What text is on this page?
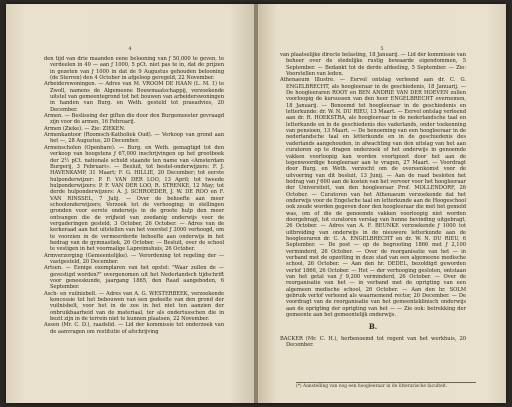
4

den tijd van drie maanden eene belooning van ƒ 50,000 te geven, te verdeelen in 40 — aan ƒ 1000, 5 pCt. niet pas te in, dat de prijzen in gezeten van ƒ 1000 in dat de 9 Augustus gehouden belooning (de Sterren) den 4 October in afgeloop geregeld, 22 November.

Arbeiderswoningen. — Adres van M. VROOM DE HAAN (L. M. 1) te Zwoll, namens de Algemeene Bouwmaatschappij, verzoekende uitstel van gemeentegrond tot het bouwen van arbeiderswoningen in handen van Burg. en Weth. gesteld tot praeadvies, 20 December.

Armen. — Beslissing der giften die door den Burgemeester gevraagd zijn voor de armen, 16 Februarij.

Armen (Zieke). — Zie: ZIEKEN.

Armenkantoor (Roomsch-Katholiek Oud). — Verkoop van grond aan het —, 28 Augustus, 20 December.

Armenscholen (Openbare). — Burg. en Weth. gemagtigd tot den verkoop van hoogstens ƒ 67,000 inschrijvingen op het grootboek der 2½ pCt. nationale schuld staande ten name van «Amsterdam Burgerij, 3 Februari». — Besluit, tot bestel-onderwijzers: F. J. HAVENKAMP, 31 Maart; F. G. HILLIE, 20 December; tot eerste hulponderwijzer: P. F. VAN DER LOO, 13 April; tot tweede hulponderwijzers: P. F. VAN DER LOO, R. STRENKE, 12 May; tot derde hulponderwijzers: A. J. SCHROEDER, J. W. DE ROO en F. VAN RINSSEL, 7 Julij. — Over de behoefte aan meer schoolonderwijzers; Verzoek tot de verhooging; in stellingen gronden voor eerste onderwijs in de groote hulp den meer ontvangen die de vrijheid van zoodanig onderwijs voor de vergaderingen gesteld, 3 October, 26 October. — Adres van de kerkeraad aan het uitstellen van het voorstel ƒ 3000 verhoogd, om te voorzien in de vermeerderde behoefte aan onderwijs in het bedrag van de gymnastiek, 26 October. — Besluit, over de school te vestigen in het voormalige Lapreimshuis, 26 October.

Armverzorging (Gemeentelijke). — Verordening tot regeling der — vastgesteld, 20 December.

Artsen. — Eenige exemplaren van het opstel: "Waar zullen de — gevestigd worden?" overgenomen uit het Nederlandsch tijdschrift voor geneeskunde, jaargang 1865, den Raad aangeboden, 6 September.

Asch- en vuilnisbelt. — Adres van A. G. WESTERBEEK, verzoekende koncessie tot het bebouwen van een gedeelte van den grond der vuilnisbelt, voor het in de zee in het niet ten aanzien der onbruikbaarheid van de materiaal, ter als ondertusschen die in bezit zijn in de terrein niet te kunnen plaatsen, 22 November.

Assen (Mr. C. D.), raadslid. — Lid der kommissie tot onderzoek van de aanvragen om restitutie of afschrijving

5

van plaatselijke directe belasting, 18 Januarij. — Lid der kommissie van beheer over de stedelijke rustig bewaarde eigendommen, 5 September. — Bedankt tot de derde afdeeling, 5 September. — Zie: Voorstellen van leden.

Athenaeum Illustre. — Eervol ontslag verleend aan dr. C. G. ENGELBRECHT, als hoogleeraar in de geschiedenis, 18 Januarij. — De hoogleeraren ROOY en BEN ANDRIE VAN DER HOEVEN zullen voorloopig de kursussen van den heer ENGELBRECHT overnemen, 18 Januarij. — Benoemd tot hoogleeraar in de geschiedenis en letterkunde: dr. W. N. DU RIEU, 13 Maart. — Eervol ontslag verleend aan dr. R. HOEKSTRA, als hoogleeraar in de nederlandsche taal en letterkunde en in de geschiedenis des vaderlands, onder toekenning van pensioen, 13 Maart. — De benoeming van een hoogleeraar in de nederlandsche taal en letterkunde en in de geschiedenis des vaderlands aangehouden, in afwachting van den uitslag van het aan curatoren op te dragen onderzoek of het onderwijs in genoemde vakken voorloopig kan worden voortgezet door het aan de tegenwoordige hoogleeraar aan te vragen, 27 Maart. — Voordragt door Burg. en Weth. verzocht om de overeenkomst voor de uitvoering van dit besluit, 13 Junij. — Aan de raad besloten het bedrag van ƒ 600 aan de kosten van het vervoer voor het hoogleeraar der Universiteit, van den hoogleeraar Prof. MOLLENDORF, 26 October. — Curatoren van het Athenaeum verzoekende dat het onderwijs voor de Engelsche taal en letterkunde aan de Hoogeschool ook zoude worden gegeven door den hoogleeraar die met het gemeld was, om of die de genoemde vakken voorloopig niet worden doorgebragt, tot curatoren verslag van hunne bevinding uitgebragt, 26 October. — Adres van A. F. BEUNKE verzoekende ƒ 1000 tot uitbreiding van onderwijs in de nieuwere letterkunde aan de hoogleeraren dr. C. A. ENGELBRECHT en dr. W. N. DU RIEU, 6 September. — De post — op de begrooting 1866 met ƒ 2,100 verminderd, 26 October. — Over de reorganisatie van het — in verband met de opzetting in deze stad van een algemeene medische school, 26 October. — Aan den hr. DEDEL, bezoldigd geworden verlof 1866, 26 October. — Het — der verhooging gesloten, ontstaan van het getal van ƒ 9,200 verminderd, 26 October. — Over de reorganisatie van het — in verband met de oprigting van een algemeen medische school, 26 October. — Aan den hr. SOLM gebruik verlof verleend als waarnemend rector, 20 December. — De voordragt van de reorganisatie van het gemeenteklinisch onderwijs aan de oprigting der oprigting van het — — Zie ook: betrekking der gemeente aan het gemeentelijk onderwijs.

B.

BACKER (Mr. C. H.), herbenoemd tot regent van het werkhuis, 20 December.

(*) Aanstelling van nog een hoogleeraar in de litterarische faculteit.
